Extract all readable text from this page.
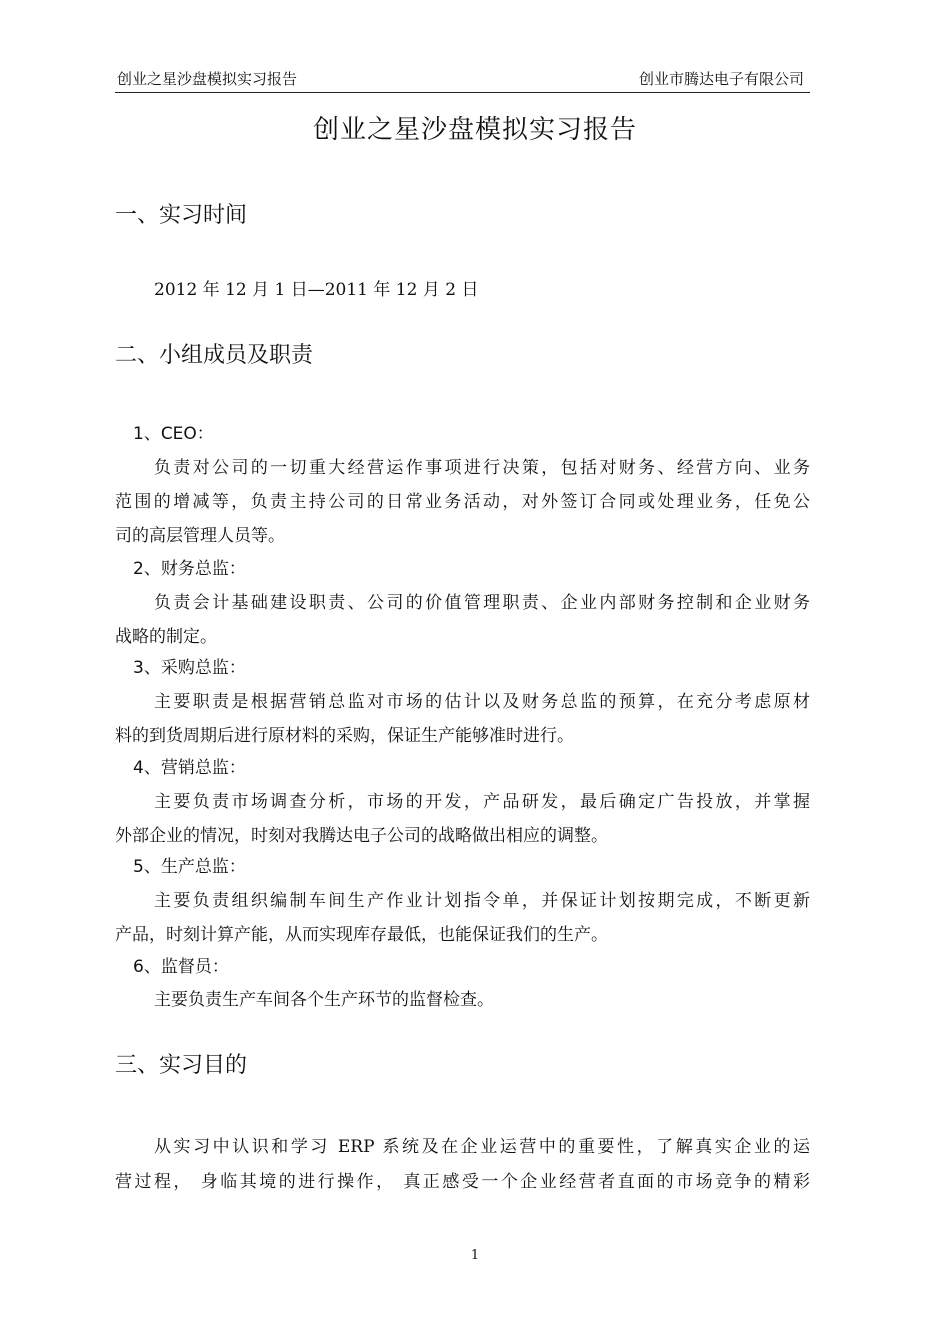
创业之星沙盘模拟实习报告	创业市腾达电子有限公司
创业之星沙盘模拟实习报告
一、实习时间
2012 年 12 月 1 日—2011 年 12 月 2 日
二、小组成员及职责
1、CEO：
负责对公司的一切重大经营运作事项进行决策，包括对财务、经营方向、业务
范围的增减等，负责主持公司的日常业务活动，对外签订合同或处理业务，任免公
司的高层管理人员等。
2、财务总监：
负责会计基础建设职责、公司的价值管理职责、企业内部财务控制和企业财务
战略的制定。
3、采购总监：
主要职责是根据营销总监对市场的估计以及财务总监的预算，在充分考虑原材
料的到货周期后进行原材料的采购，保证生产能够准时进行。
4、营销总监：
主要负责市场调查分析，市场的开发，产品研发，最后确定广告投放，并掌握
外部企业的情况，时刻对我腾达电子公司的战略做出相应的调整。
5、生产总监：
主要负责组织编制车间生产作业计划指令单，并保证计划按期完成，不断更新
产品，时刻计算产能，从而实现库存最低，也能保证我们的生产。
6、监督员：
主要负责生产车间各个生产环节的监督检查。
三、实习目的
从实习中认识和学习 ERP 系统及在企业运营中的重要性，了解真实企业的运
营过程， 身临其境的进行操作， 真正感受一个企业经营者直面的市场竞争的精彩
1
